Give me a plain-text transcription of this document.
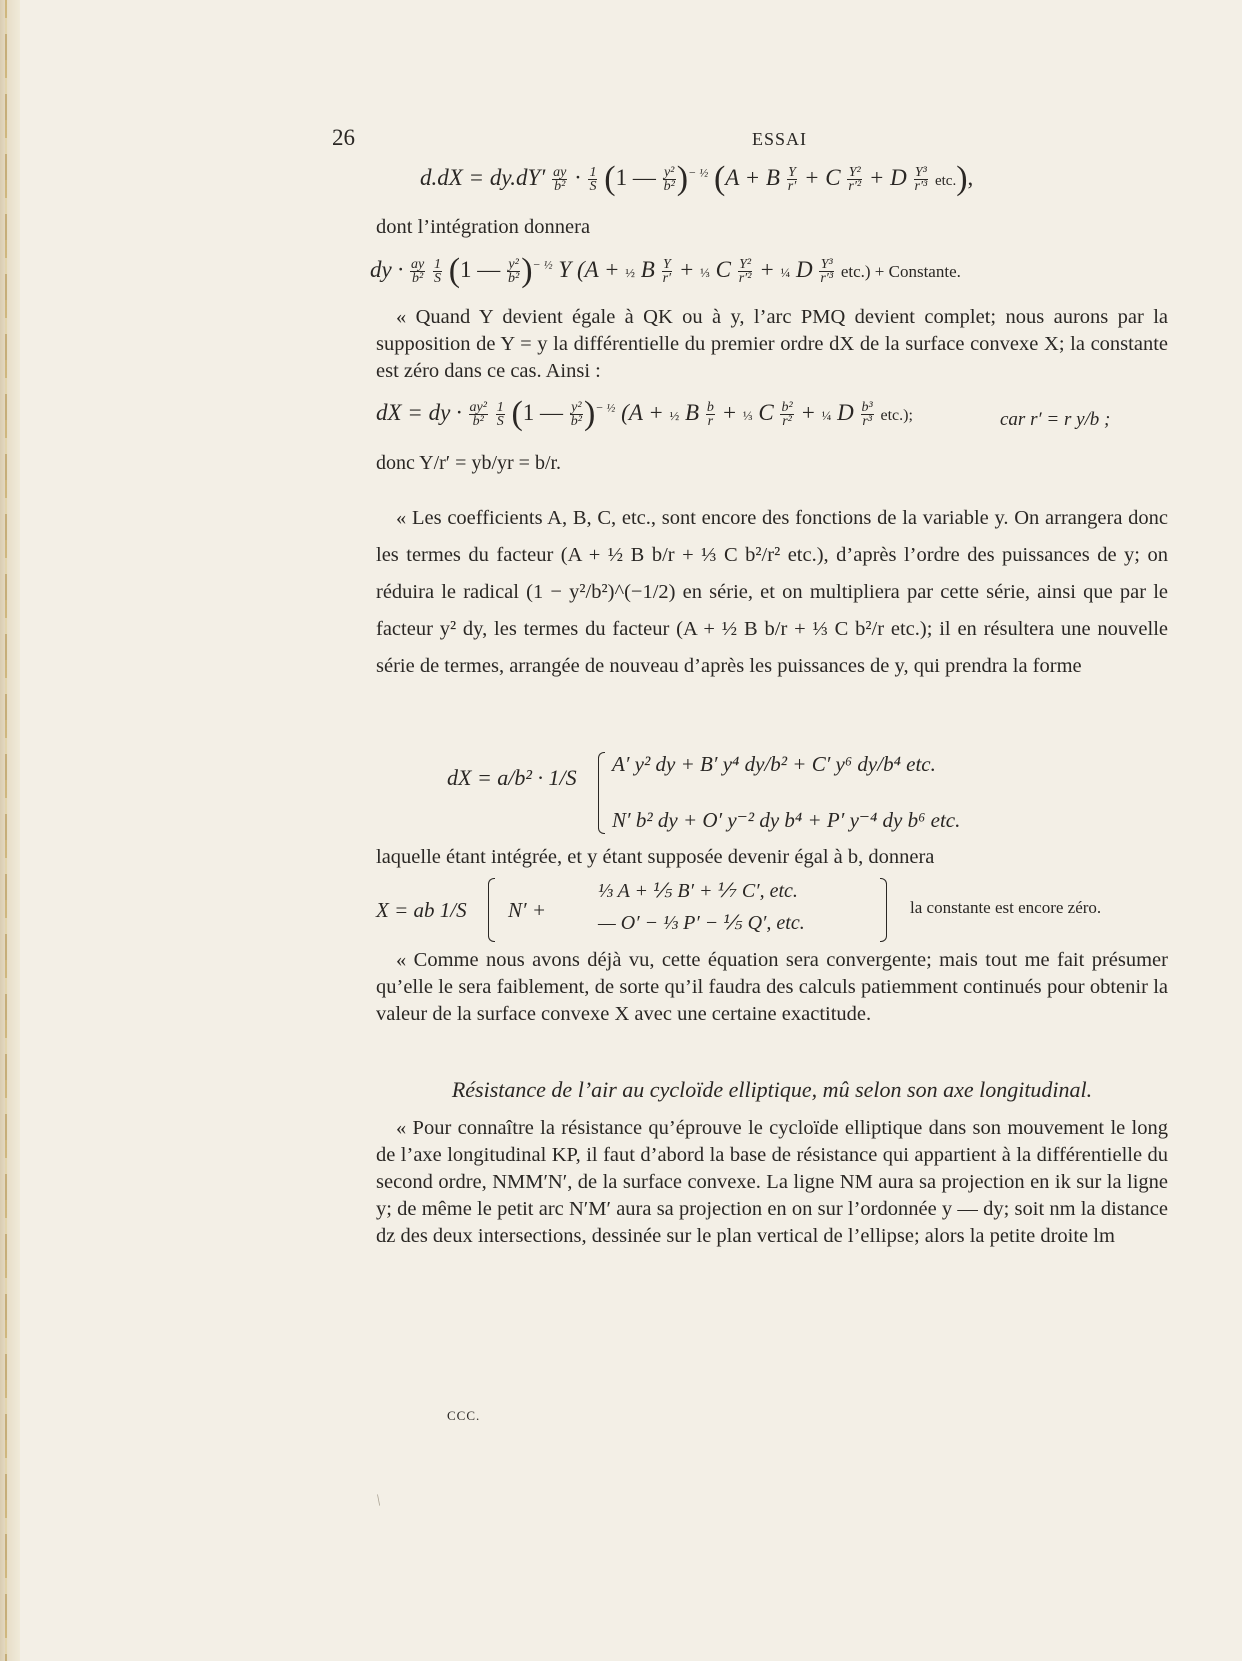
26	ESSAI
$d.dX = dy.dY' \frac{ay}{\text{b²}} \cdot \frac{1}{S} (1$ — $\frac{\text{y²}}{\text{b²}} )^{- \frac{1}{2}}$ (A + B $\frac{Y}{r'} + C \frac{\text{Y²}}{\text{r′²}} + D \frac{\text{Y³}}{\text{r′³}} etc$.),
dont l’intégration donnera
dy · $\frac{ay}{\text{b²}}$
$\frac{1}{S} (1$ — $\frac{\text{y²}}{\text{b²}} )^{- \frac{1}{2}}$ Y (A + ½ B $\frac{Y}{r'}$ + ⅓ C $\frac{\text{Y²}}{\text{r′²}}$ + ¼ D $\frac{\text{Y³}}{\text{r′³}} etc$.) + Constante.
« Quand Y devient égale à QK ou à y, l’arc PMQ devient complet; nous aurons par la supposition de Y = y la différentielle du premier ordre dX de la surface convexe X; la constante est zéro dans ce cas. Ainsi :
dX = dy · $\frac{\text{ay²}}{\text{b²}}$
$\frac{1}{S} (1$ — $\frac{\text{y²}}{\text{b²}} )^{- \frac{1}{2}}$ (A + ½ B $\frac{b}{r}$ + ⅓ C $\frac{\text{b²}}{\text{r²}}$ + ¼ D $\frac{\text{b³}}{\text{r³}} etc$.);	car r′ = r y/b ;
donc Y/r′ = yb/yr = b/r.
« Les coefficients A, B, C, etc., sont encore des fonctions de la variable y. On arrangera donc les termes du facteur (A + ½ B b/r + ⅓ C b²/r² etc.), d’après l’ordre des puissances de y; on réduira le radical (1 − y²/b²)^(−1/2) en série, et on multipliera par cette série, ainsi que par le facteur y² dy, les termes du facteur (A + ½ B b/r + ⅓ C b²/r etc.); il en résultera une nouvelle série de termes, arrangée de nouveau d’après les puissances de y, qui prendra la forme
dX = a/b² · 1/S
A′ y² dy + B′ y⁴ dy/b² + C′ y⁶ dy/b⁴ etc.
N′ b² dy + O′ y⁻² dy b⁴ + P′ y⁻⁴ dy b⁶ etc.
laquelle étant intégrée, et y étant supposée devenir égal à b, donnera
X = ab 1/S N′ +
⅓ A + ⅕ B′ + ⅐ C′, etc.
— O′ − ⅓ P′ − ⅕ Q′, etc.
la constante est encore zéro.
« Comme nous avons déjà vu, cette équation sera convergente; mais tout me fait présumer qu’elle le sera faiblement, de sorte qu’il faudra des calculs patiemment continués pour obtenir la valeur de la surface convexe X avec une certaine exactitude.
Résistance de l’air au cycloïde elliptique, mû selon son axe longitudinal.
« Pour connaître la résistance qu’éprouve le cycloïde elliptique dans son mouvement le long de l’axe longitudinal KP, il faut d’abord la base de résistance qui appartient à la différentielle du second ordre, NMM′N′, de la surface convexe. La ligne NM aura sa projection en ik sur la ligne y; de même le petit arc N′M′ aura sa projection en on sur l’ordonnée y — dy; soit nm la distance dz des deux intersections, dessinée sur le plan vertical de l’ellipse; alors la petite droite lm
CCC.
/
